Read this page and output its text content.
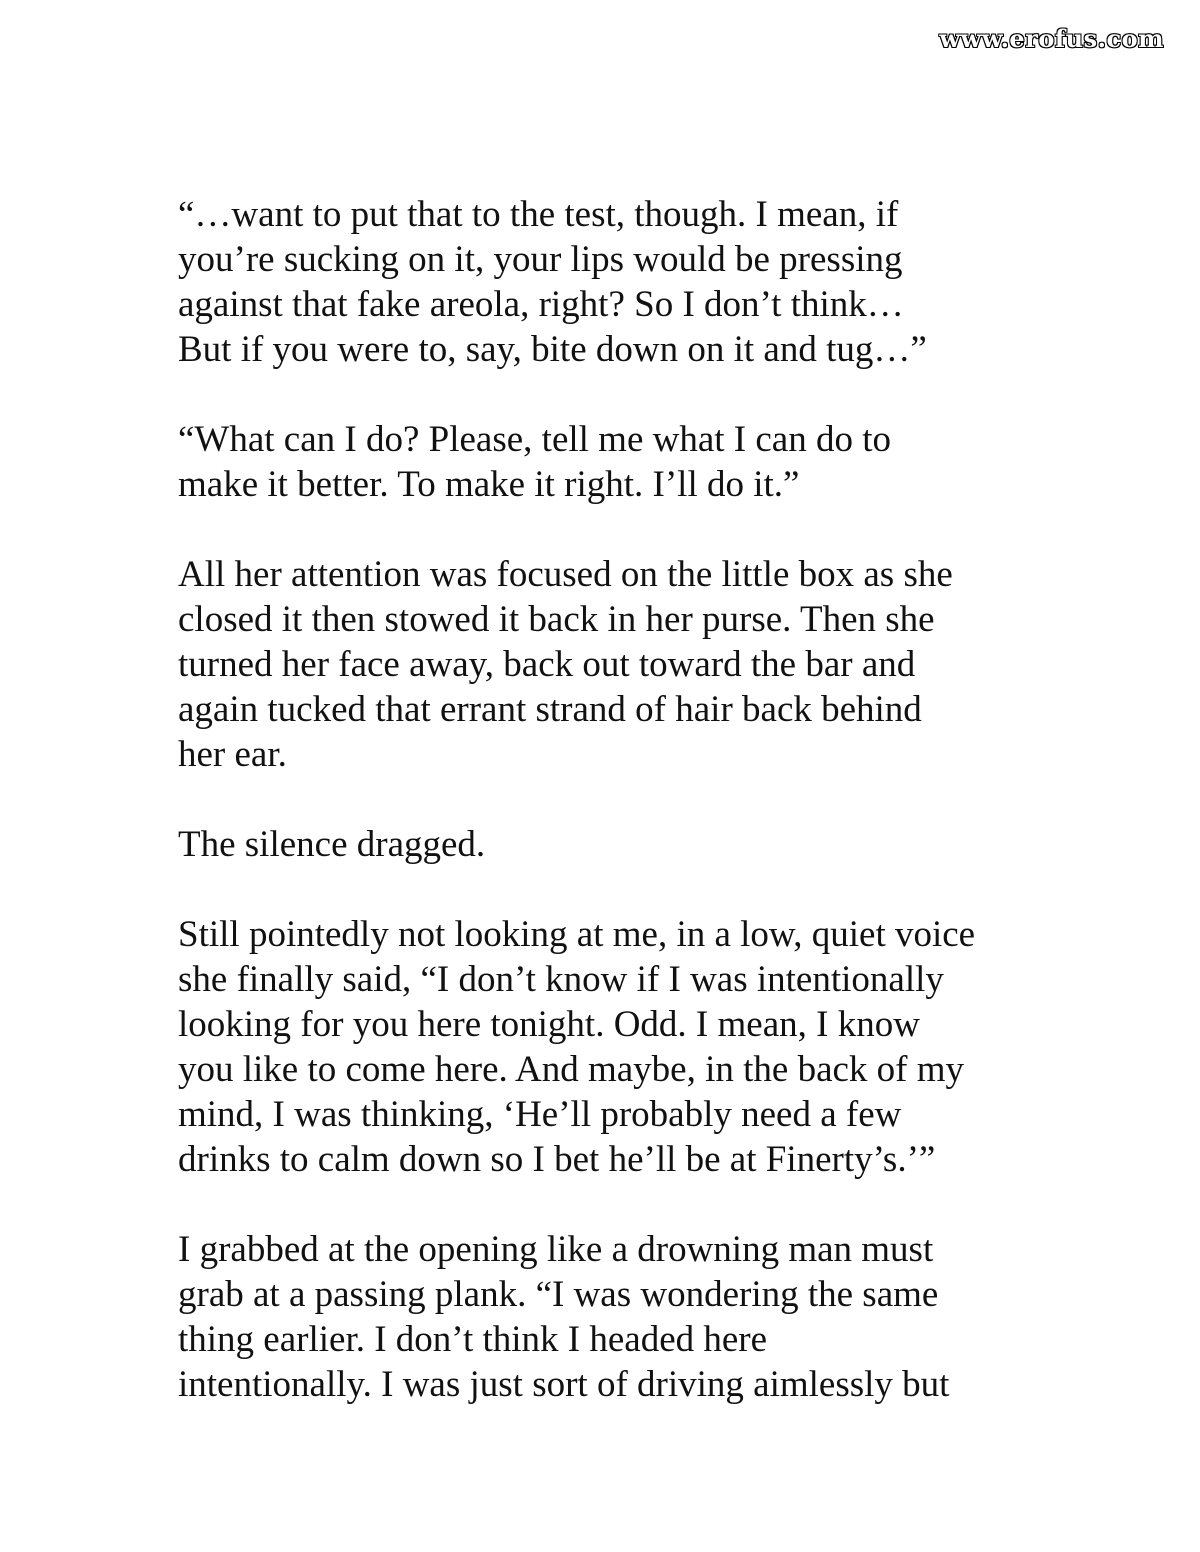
www.erofus.com

“…want to put that to the test, though. I mean, if
you’re sucking on it, your lips would be pressing
against that fake areola, right? So I don’t think…
But if you were to, say, bite down on it and tug…”

“What can I do? Please, tell me what I can do to
make it better. To make it right. I’ll do it.”

All her attention was focused on the little box as she
closed it then stowed it back in her purse. Then she
turned her face away, back out toward the bar and
again tucked that errant strand of hair back behind
her ear.

The silence dragged.

Still pointedly not looking at me, in a low, quiet voice
she finally said, “I don’t know if I was intentionally
looking for you here tonight. Odd. I mean, I know
you like to come here. And maybe, in the back of my
mind, I was thinking, ‘He’ll probably need a few
drinks to calm down so I bet he’ll be at Finerty’s.’”

I grabbed at the opening like a drowning man must
grab at a passing plank. “I was wondering the same
thing earlier. I don’t think I headed here
intentionally. I was just sort of driving aimlessly but
